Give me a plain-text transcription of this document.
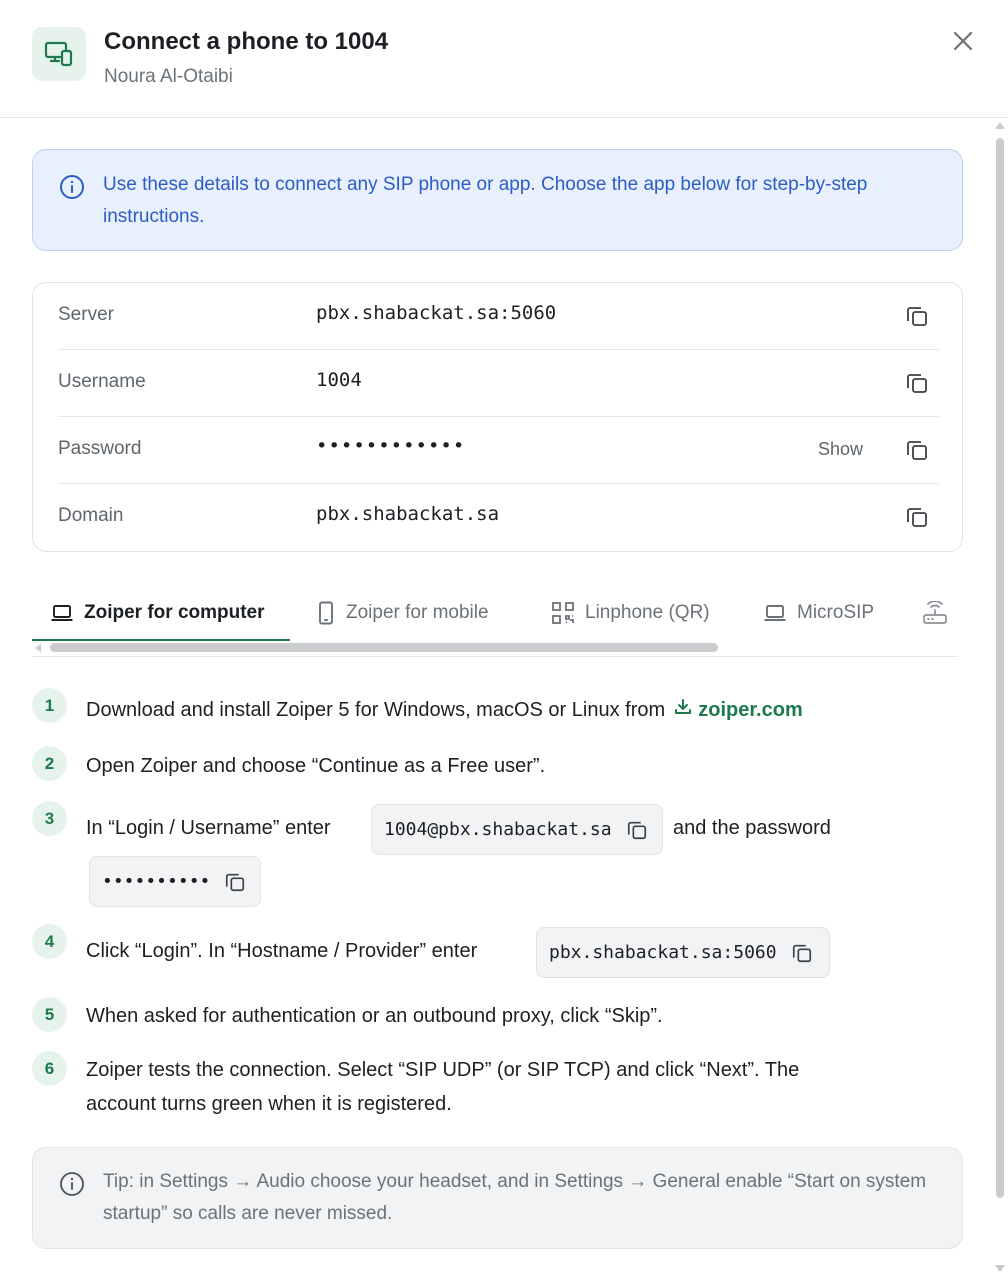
Connect a phone to 1004
Noura Al-Otaibi
Use these details to connect any SIP phone or app. Choose the app below for step-by-step instructions.
Server	pbx.shabackat.sa:5060
Username	1004
Password	••••••••••••	Show
Domain	pbx.shabackat.sa
Zoiper for computer	Zoiper for mobile	Linphone (QR)	MicroSIP
1	Download and install Zoiper 5 for Windows, macOS or Linux from zoiper.com
2	Open Zoiper and choose “Continue as a Free user”.
3	In “Login / Username” enter	1004@pbx.shabackat.sa	and the password
••••••••••
4	Click “Login”. In “Hostname / Provider” enter	pbx.shabackat.sa:5060
5	When asked for authentication or an outbound proxy, click “Skip”.
6	Zoiper tests the connection. Select “SIP UDP” (or SIP TCP) and click “Next”. The
account turns green when it is registered.
Tip: in Settings → Audio choose your headset, and in Settings → General enable “Start on system startup” so calls are never missed.
